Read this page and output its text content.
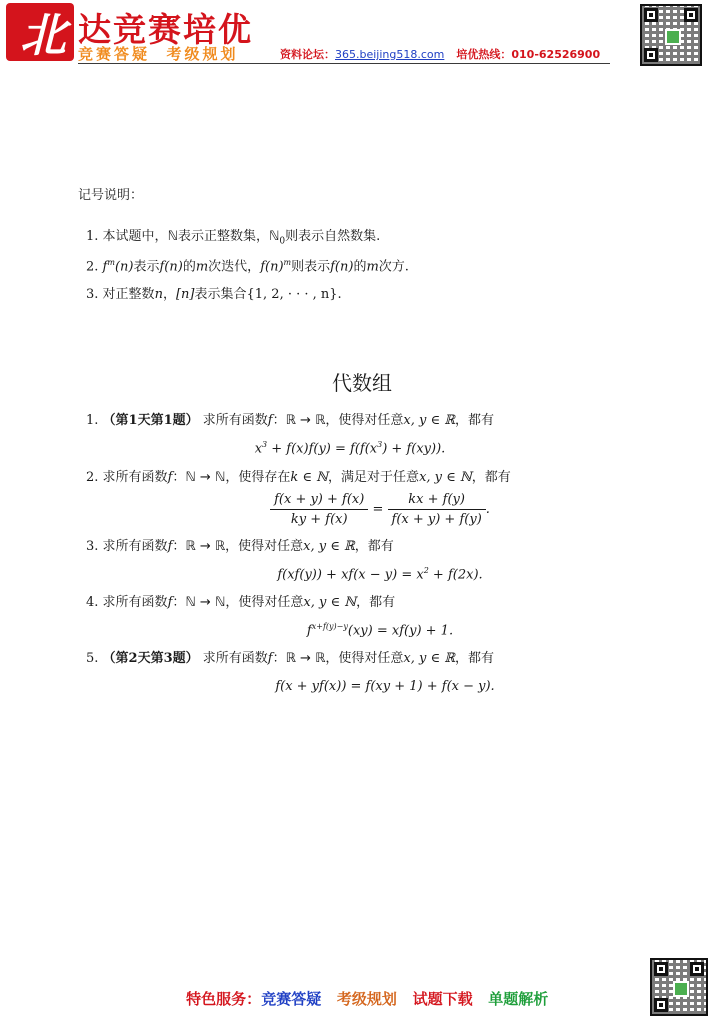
北 达竞赛培优
竞赛答疑  考级规划	资料论坛：365.beijing518.com 培优热线：010-62526900
记号说明：
1. 本试题中，ℕ表示正整数集，ℕ$_0$则表示自然数集.
2. $f^m(n)$表示f(n)的m次迭代，$f(n)^m$则表示f(n)的m次方.
3. 对正整数n，[n]表示集合{1, 2, · · · , n}.
代数组
1. （第1天第1题） 求所有函数f：ℝ → ℝ，使得对任意x, y ∈ ℝ，都有
$x^3 + f(x)f(y) = f(f(x^3) + f(xy))$.
2. 求所有函数f：ℕ → ℕ，使得存在k ∈ ℕ，满足对于任意x, y ∈ ℕ，都有
$\frac{f(x + y) + f(x)}{ky + f(x)} = \frac{kx + f(y)}{f(x + y) + f(y)}$ .
3. 求所有函数f：ℝ → ℝ，使得对任意x, y ∈ ℝ，都有
$f(xf(y)) + xf(x - y) = x^2 + f(2x)$.
4. 求所有函数f：ℕ → ℕ，使得对任意x, y ∈ ℕ，都有
$f^{x+f(y)-y}(xy) = xf(y) + 1$.
5. （第2天第3题） 求所有函数f：ℝ → ℝ，使得对任意x, y ∈ ℝ，都有
f(x + yf(x)) = f(xy + 1) + f(x − y).

特色服务：竞赛答疑 考级规划 试题下载 单题解析
